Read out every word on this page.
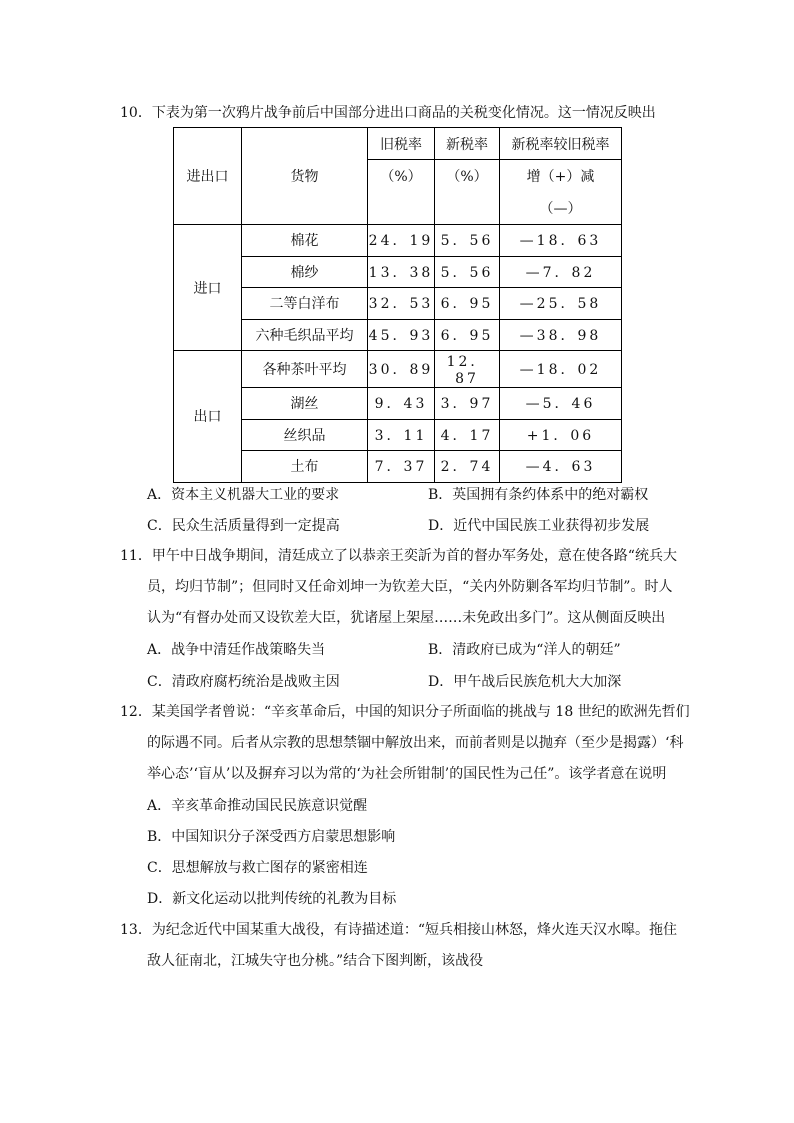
10．下表为第一次鸦片战争前后中国部分进出口商品的关税变化情况。这一情况反映出
进出口	货物	旧税率	新税率	新税率较旧税率
		（%）	（%）	增（+）减
				（—）
进口	棉花	24．19	5．56	—18．63
	棉纱	13．38	5．56	—7．82
	二等白洋布	32．53	6．95	—25．58
	六种毛织品平均	45．93	6．95	—38．98
出口	各种茶叶平均	30．89	12．87	—18．02
	湖丝	9．43	3．97	—5．46
	丝织品	3．11	4．17	+1．06
	土布	7．37	2．74	—4．63
A．资本主义机器大工业的要求	B．英国拥有条约体系中的绝对霸权
C．民众生活质量得到一定提高	D．近代中国民族工业获得初步发展
11．甲午中日战争期间，清廷成立了以恭亲王奕訢为首的督办军务处，意在使各路“统兵大
员，均归节制”；但同时又任命刘坤一为钦差大臣，“关内外防剿各军均归节制”。时人
认为“有督办处而又设钦差大臣，犹诸屋上架屋……未免政出多门”。这从侧面反映出
A．战争中清廷作战策略失当	B．清政府已成为“洋人的朝廷”
C．清政府腐朽统治是战败主因	D．甲午战后民族危机大大加深
12．某美国学者曾说：“辛亥革命后，中国的知识分子所面临的挑战与 18 世纪的欧洲先哲们
的际遇不同。后者从宗教的思想禁锢中解放出来，而前者则是以抛弃（至少是揭露）‘科
举心态’‘盲从’以及摒弃习以为常的‘为社会所钳制’的国民性为己任”。该学者意在说明
A．辛亥革命推动国民民族意识觉醒
B．中国知识分子深受西方启蒙思想影响
C．思想解放与救亡图存的紧密相连
D．新文化运动以批判传统的礼教为目标
13．为纪念近代中国某重大战役，有诗描述道：“短兵相接山林怒，烽火连天汉水嗥。拖住
敌人征南北，江城失守也分桃。”结合下图判断，该战役
